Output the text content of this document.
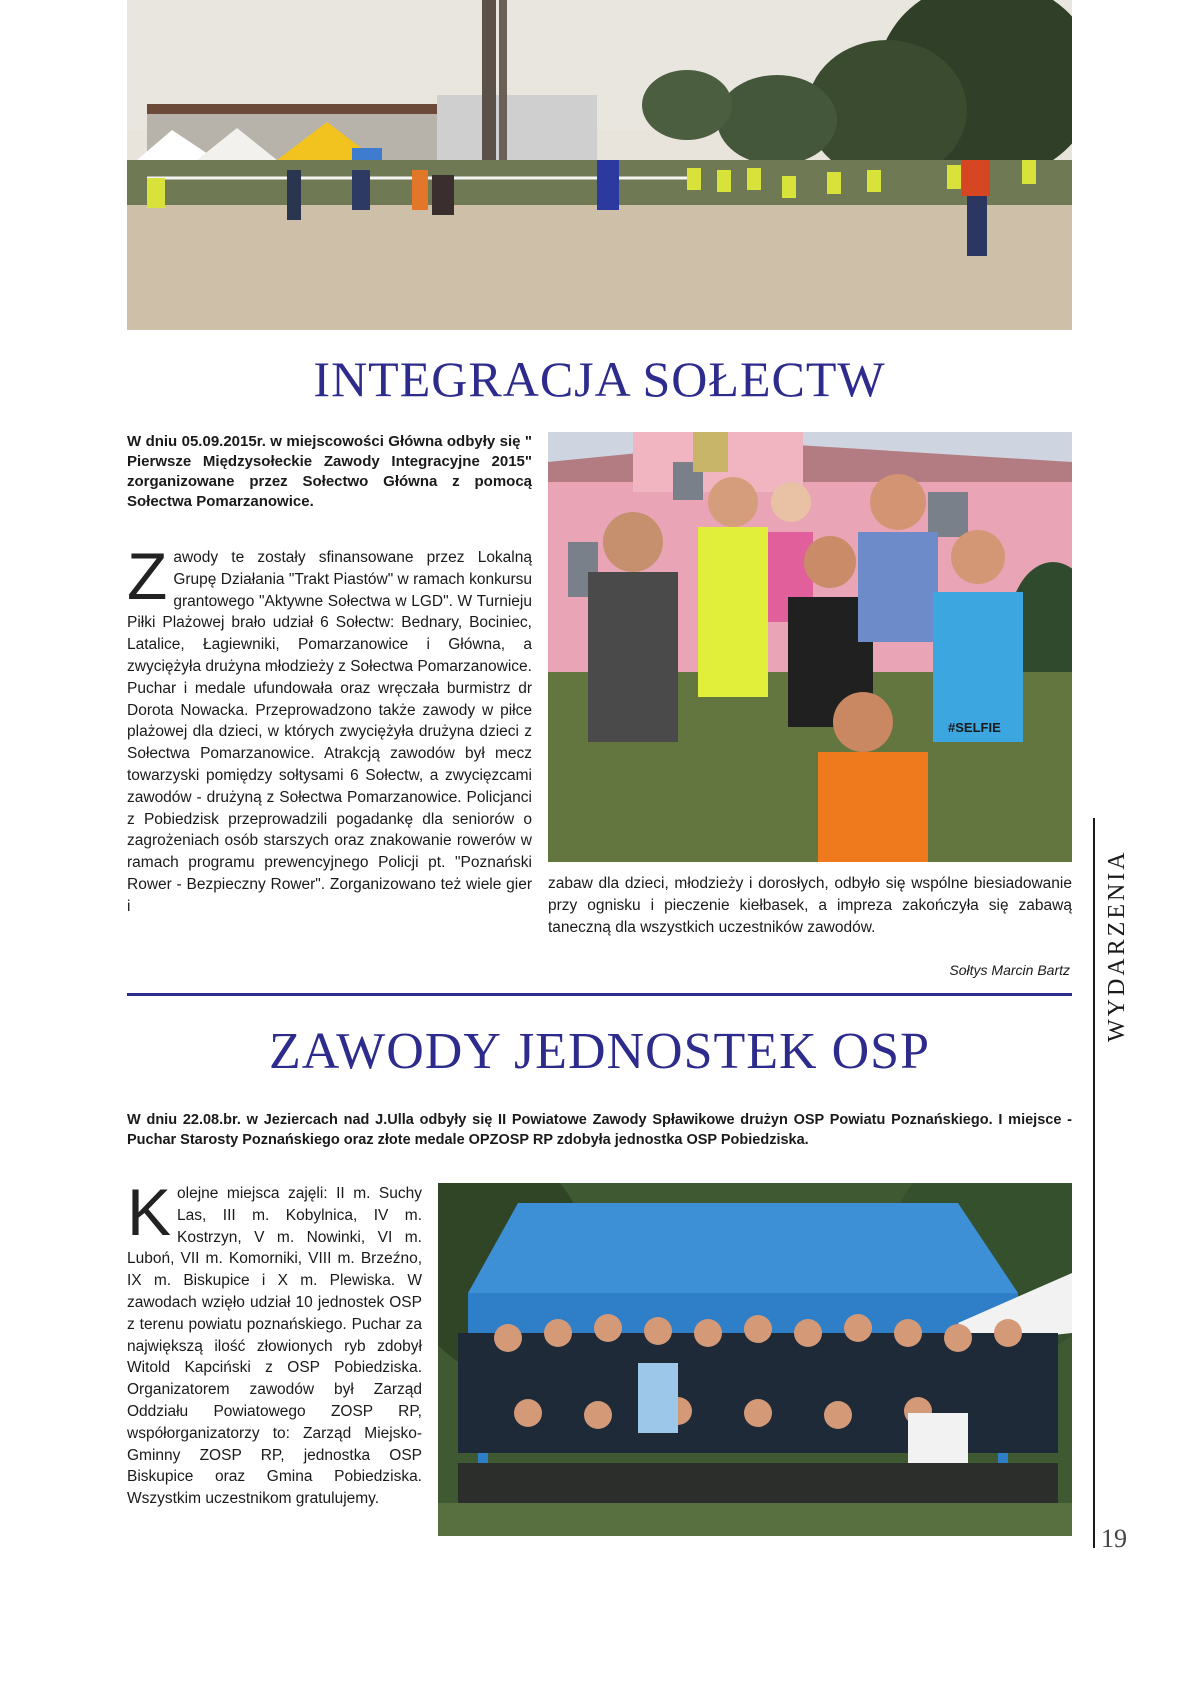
INTEGRACJA SOŁECTW
W dniu 05.09.2015r. w miejscowości Główna odbyły się " Pierwsze Międzysołeckie Zawody Integracyjne 2015" zorganizowane przez Sołectwo Główna z pomocą Sołectwa Pomarzanowice.
Zawody te zostały sfinansowane przez Lokalną Grupę Działania "Trakt Piastów" w ramach konkursu grantowego "Aktywne Sołectwa w LGD". W Turnieju Piłki Plażowej brało udział 6 Sołectw: Bednary, Bociniec, Latalice, Łagiewniki, Pomarzanowice i Główna, a zwyciężyła drużyna młodzieży z Sołectwa Pomarzanowice. Puchar i medale ufundowała oraz wręczała burmistrz dr Dorota Nowacka. Przeprowadzono także zawody w piłce plażowej dla dzieci, w których zwyciężyła drużyna dzieci z Sołectwa Pomarzanowice. Atrakcją zawodów był mecz towarzyski pomiędzy sołtysami 6 Sołectw, a zwycięzcami zawodów - drużyną z Sołectwa Pomarzanowice. Policjanci z Pobiedzisk przeprowadzili pogadankę dla seniorów o zagrożeniach osób starszych oraz znakowanie rowerów w ramach programu prewencyjnego Policji pt. "Poznański Rower - Bezpieczny Rower". Zorganizowano też wiele gier i
#SELFIE
zabaw dla dzieci, młodzieży i dorosłych, odbyło się wspólne biesiadowanie przy ognisku i pieczenie kiełbasek, a impreza zakończyła się zabawą taneczną dla wszystkich uczestników zawodów.
Sołtys Marcin Bartz
ZAWODY JEDNOSTEK OSP
W dniu 22.08.br. w Jeziercach nad J.Ulla odbyły się II Powiatowe Zawody Spławikowe drużyn OSP Powiatu Poznańskiego. I miejsce - Puchar Starosty Poznańskiego oraz złote medale OPZOSP RP zdobyła jednostka OSP Pobiedziska.
Kolejne miejsca zajęli: II m. Suchy Las, III m. Kobylnica, IV m. Kostrzyn, V m. Nowinki, VI m. Luboń, VII m. Komorniki, VIII m. Brzeźno, IX m. Biskupice i X m. Plewiska. W zawodach wzięło udział 10 jednostek OSP z terenu powiatu poznańskiego. Puchar za największą ilość złowionych ryb zdobył Witold Kapciński z OSP Pobiedziska. Organizatorem zawodów był Zarząd Oddziału Powiatowego ZOSP RP, współorganizatorzy to: Zarząd Miejsko-Gminny ZOSP RP, jednostka OSP Biskupice oraz Gmina Pobiedziska. Wszystkim uczestnikom gratulujemy.
WYDARZENIA
19
